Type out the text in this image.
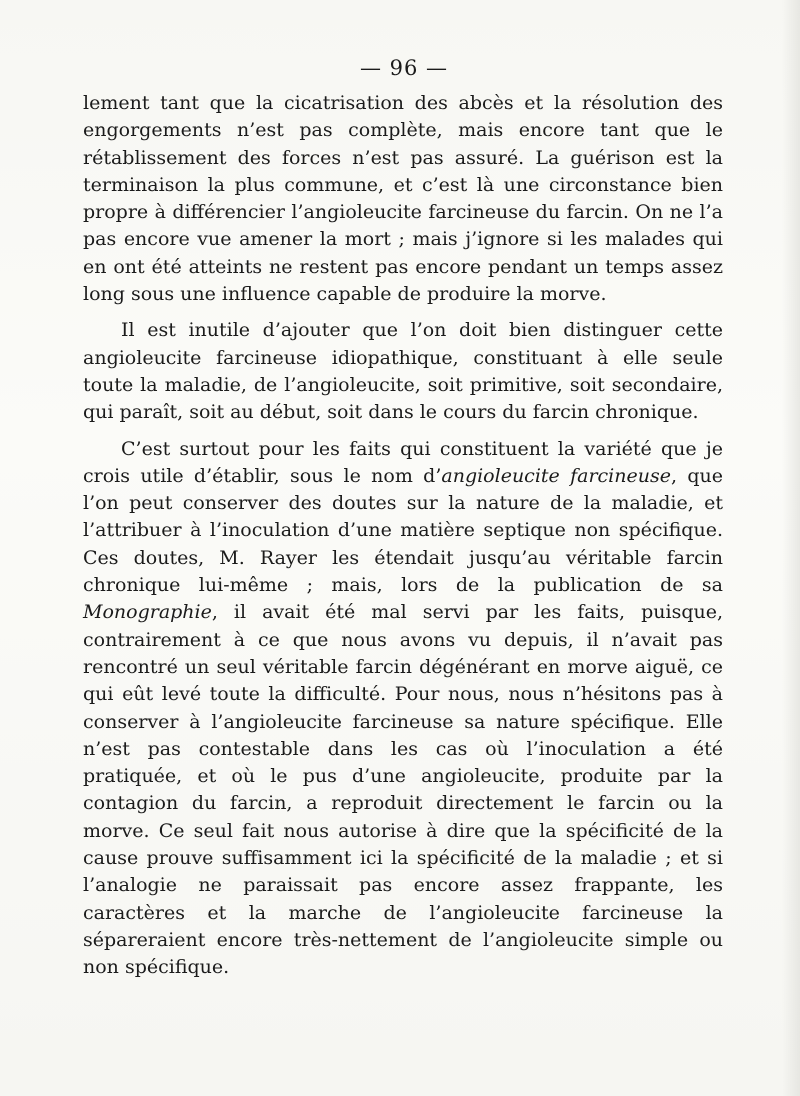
— 96 —

lement tant que la cicatrisation des abcès et la résolution des engorgements n’est pas complète, mais encore tant que le rétablissement des forces n’est pas assuré. La guérison est la terminaison la plus commune, et c’est là une circonstance bien propre à différencier l’angioleucite farcineuse du farcin. On ne l’a pas encore vue amener la mort ; mais j’ignore si les malades qui en ont été atteints ne restent pas encore pendant un temps assez long sous une influence capable de produire la morve.

Il est inutile d’ajouter que l’on doit bien distinguer cette angioleucite farcineuse idiopathique, constituant à elle seule toute la maladie, de l’angioleucite, soit primitive, soit secondaire, qui paraît, soit au début, soit dans le cours du farcin chronique.

C’est surtout pour les faits qui constituent la variété que je crois utile d’établir, sous le nom d’angioleucite farcineuse, que l’on peut conserver des doutes sur la nature de la maladie, et l’attribuer à l’inoculation d’une matière septique non spécifique. Ces doutes, M. Rayer les étendait jusqu’au véritable farcin chronique lui-même ; mais, lors de la publication de sa Monographie, il avait été mal servi par les faits, puisque, contrairement à ce que nous avons vu depuis, il n’avait pas rencontré un seul véritable farcin dégénérant en morve aiguë, ce qui eût levé toute la difficulté. Pour nous, nous n’hésitons pas à conserver à l’angioleucite farcineuse sa nature spécifique. Elle n’est pas contestable dans les cas où l’inoculation a été pratiquée, et où le pus d’une angioleucite, produite par la contagion du farcin, a reproduit directement le farcin ou la morve. Ce seul fait nous autorise à dire que la spécificité de la cause prouve suffisamment ici la spécificité de la maladie ; et si l’analogie ne paraissait pas encore assez frappante, les caractères et la marche de l’angioleucite farcineuse la sépareraient encore très-nettement de l’angioleucite simple ou non spécifique.
